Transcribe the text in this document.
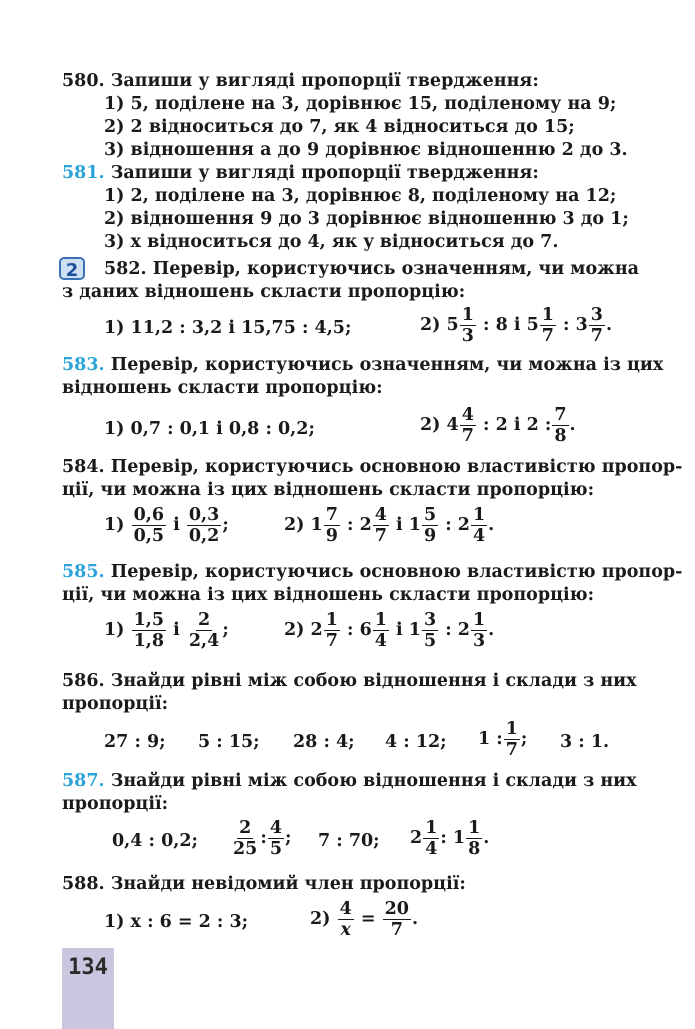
580. Запиши у вигляді пропорції твердження:
1) 5, поділене на 3, дорівнює 15, поділеному на 9;
2) 2 відноситься до 7, як 4 відноситься до 15;
3) відношення a до 9 дорівнює відношенню 2 до 3.
581. Запиши у вигляді пропорції твердження:
1) 2, поділене на 3, дорівнює 8, поділеному на 12;
2) відношення 9 до 3 дорівнює відношенню 3 до 1;
3) x відноситься до 4, як y відноситься до 7.
2	582. Перевір, користуючись означенням, чи можна
з даних відношень скласти пропорцію:
1) 11,2 : 3,2 і 15,75 : 4,5;	2) $5 \frac{1}{3}$ : 8 і $5 \frac{1}{7}$ : $3 \frac{3}{7}$ .
583. Перевір, користуючись означенням, чи можна із цих
відношень скласти пропорцію:
1) 0,7 : 0,1 і 0,8 : 0,2;	2) $4 \frac{4}{7}$ : 2 і 2 : $\frac{7}{8}$ .
584. Перевір, користуючись основною властивістю пропор-
ції, чи можна із цих відношень скласти пропорцію:
$1) \frac{0,6}{0,5}$ і $\frac{0,3}{0,2}$ ;	2) $1 \frac{7}{9}$ : $2 \frac{4}{7}$ і $1 \frac{5}{9}$ : $2 \frac{1}{4}$ .
585. Перевір, користуючись основною властивістю пропор-
ції, чи можна із цих відношень скласти пропорцію:
$1) \frac{1,5}{1,8}$ і $\frac{2}{2,4}$ ;	2) $2 \frac{1}{7}$ : $6 \frac{1}{4}$ і $1 \frac{3}{5}$ : $2 \frac{1}{3}$ .
586. Знайди рівні між собою відношення і склади з них
пропорції:
27 : 9; 5 : 15; 28 : 4; 4 : 12; 1 : $\frac{1}{7}$ ; 3 : 1.
587. Знайди рівні між собою відношення і склади з них
пропорції:
0,4 : 0,2; $\frac{2}{25}$ : $\frac{4}{5}$ ; 7 : 70; $2 \frac{1}{4}$ : $1 \frac{1}{8}$ .
588. Знайди невідомий член пропорції:
1) x : 6 = 2 : 3;	$2) \frac{4}{x} = \frac{20}{7}$ .
134
